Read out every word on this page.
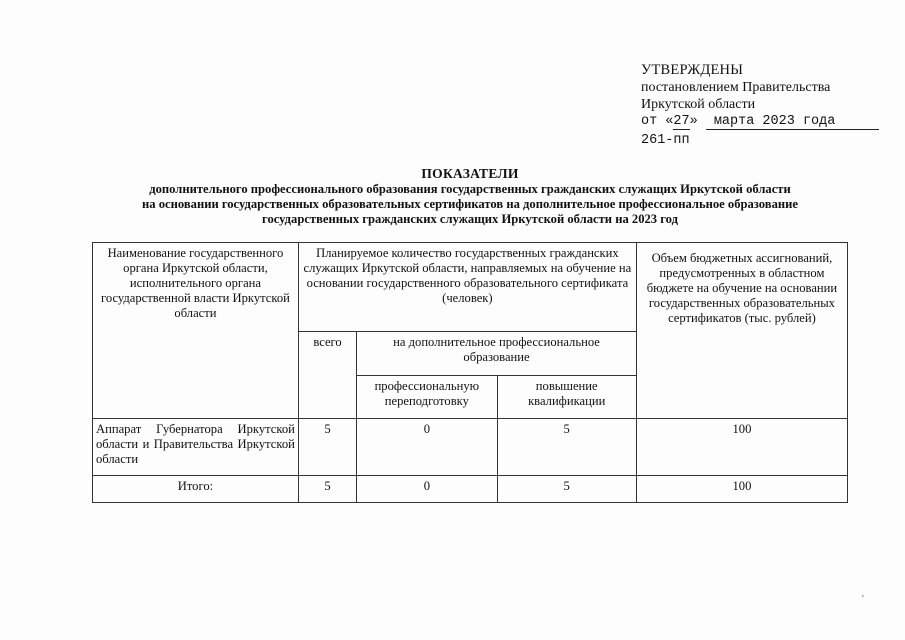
УТВЕРЖДЕНЫ
постановлением Правительства
Иркутской области
от «27» марта 2023 года
261-пп
ПОКАЗАТЕЛИ
дополнительного профессионального образования государственных гражданских служащих Иркутской области
на основании государственных образовательных сертификатов на дополнительное профессиональное образование
государственных гражданских служащих Иркутской области на 2023 год
Наименование государственного органа Иркутской области, исполнительного органа государственной власти Иркутской области	Планируемое количество государственных гражданских служащих Иркутской области, направляемых на обучение на основании государственного образовательного сертификата (человек)			Объем бюджетных ассигнований, предусмотренных в областном бюджете на обучение на основании государственных образовательных сертификатов (тыс. рублей)
	всего	на дополнительное профессиональное образование		
		профессиональную переподготовку	повышение квалификации	
Аппарат Губернатора Иркутской области и Правительства Иркутской области	5	0	5	100
Итого:	5	0	5	100
'
